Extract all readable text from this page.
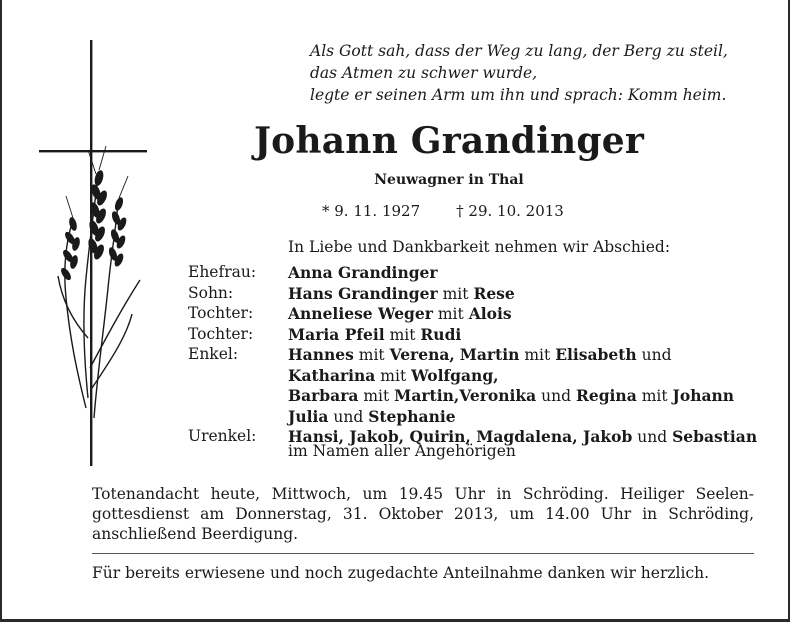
Als Gott sah, dass der Weg zu lang, der Berg zu steil,
das Atmen zu schwer wurde,
legte er seinen Arm um ihn und sprach: Komm heim.
Johann Grandinger
Neuwagner in Thal
* 9. 11. 1927 † 29. 10. 2013
In Liebe und Dankbarkeit nehmen wir Abschied:
Ehefrau:	Anna Grandinger
Sohn:	Hans Grandinger mit Rese
Tochter:	Anneliese Weger mit Alois
Tochter:	Maria Pfeil mit Rudi
Enkel:	Hannes mit Verena, Martin mit Elisabeth und
Katharina mit Wolfgang,
Barbara mit Martin,Veronika und Regina mit Johann
Julia und Stephanie
Urenkel:	Hansi, Jakob, Quirin, Magdalena, Jakob und Sebastian
im Namen aller Angehörigen
Totenandacht heute, Mittwoch, um 19.45 Uhr in Schröding. Heiliger Seelen-
gottesdienst am Donnerstag, 31. Oktober 2013, um 14.00 Uhr in Schröding,
anschließend Beerdigung.
Für bereits erwiesene und noch zugedachte Anteilnahme danken wir herzlich.
